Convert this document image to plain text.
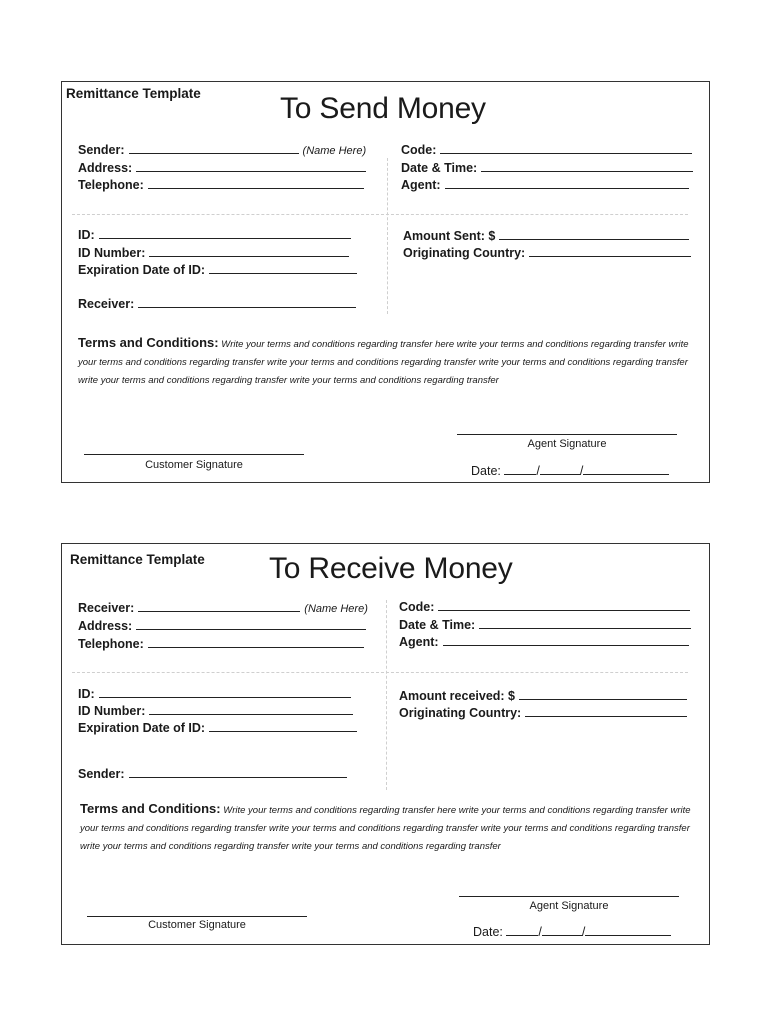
Remittance Template	To Send Money
Sender:	(Name Here)
Address:
Telephone:
Code:
Date & Time:
Agent:
ID:
ID Number:
Expiration Date of ID:
Amount Sent: $
Originating Country:
Receiver:
Terms and Conditions: Write your terms and conditions regarding transfer here write your terms and conditions regarding transfer write your terms and conditions regarding transfer write your terms and conditions regarding transfer write your terms and conditions regarding transfer write your terms and conditions regarding transfer write your terms and conditions regarding transfer
Agent Signature
Customer Signature	Date:	/	/
Remittance Template To Receive Money
Receiver:	(Name Here)
Address:
Telephone:
Code:
Date & Time:
Agent:
ID:
ID Number:
Expiration Date of ID:
Amount received: $
Originating Country:
Sender:
Terms and Conditions: Write your terms and conditions regarding transfer here write your terms and conditions regarding transfer write your terms and conditions regarding transfer write your terms and conditions regarding transfer write your terms and conditions regarding transfer write your terms and conditions regarding transfer write your terms and conditions regarding transfer
Agent Signature
Customer Signature	Date:	/	/
